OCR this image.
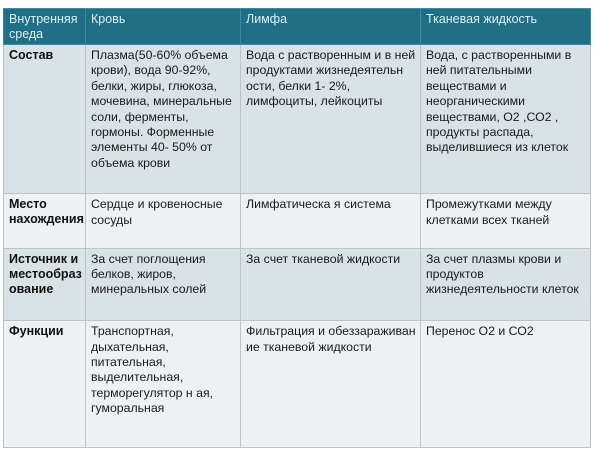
Внутренняя среда	Кровь	Лимфа	Тканевая жидкость
Состав	Плазма(50-60% объема крови), вода 90-92%, белки, жиры, глюкоза, мочевина, минеральные соли, ферменты, гормоны. Форменные элементы 40- 50% от объема крови	Вода с растворенным и в ней продуктами жизнедеятельн ости, белки 1- 2%, лимфоциты, лейкоциты	Вода, с растворенными в ней питательными веществами и неорганическими веществами, О2 ,СО2 , продукты распада, выделившиеся из клеток
Место нахождения	Сердце и кровеносные сосуды	Лимфатическа я система	Промежутками между клетками всех тканей
Источник и местообраз ование	За счет поглощения белков, жиров, минеральных солей	За счет тканевой жидкости	За счет плазмы крови и продуктов жизнедеятельности клеток
Функции	Транспортная, дыхательная, питательная, выделительная, терморегулятор н ая, гуморальная	Фильтрация и обеззараживан ие тканевой жидкости	Перенос О2 и СО2
